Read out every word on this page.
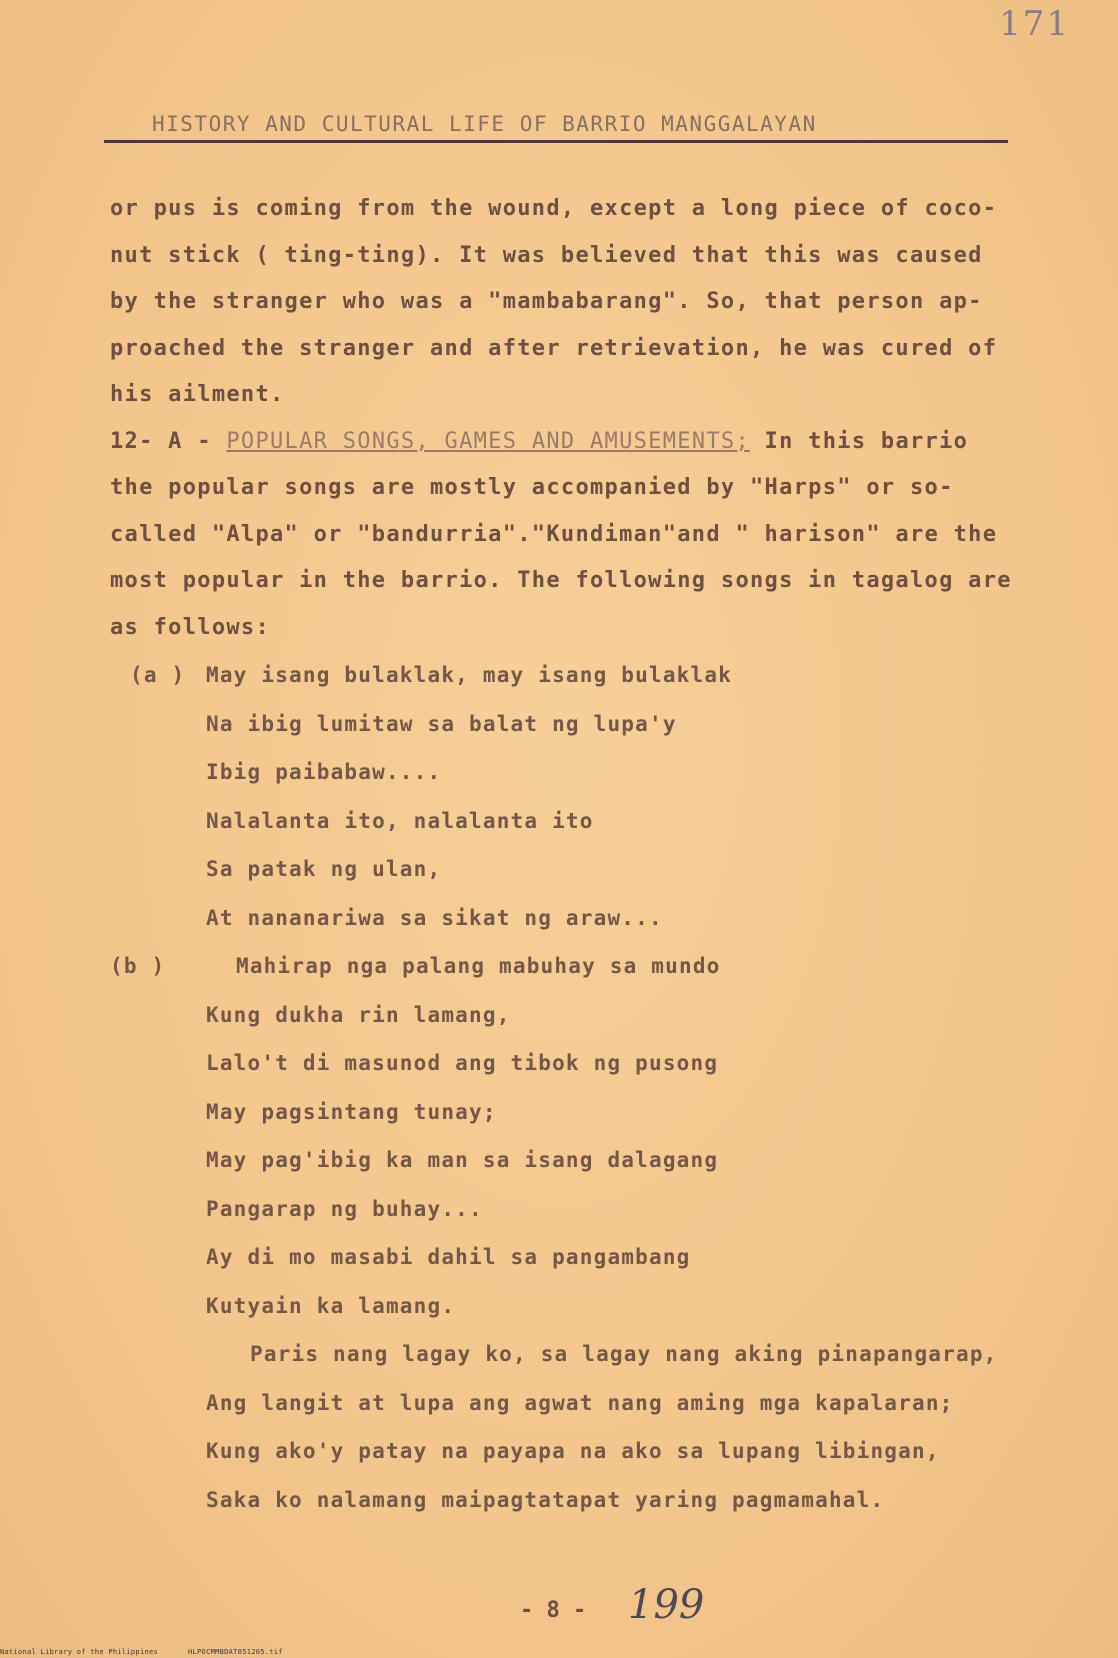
171
HISTORY AND CULTURAL LIFE OF BARRIO MANGGALAYAN
or pus is coming from the wound, except a long piece of coco-
nut stick ( ting-ting). It was believed that this was caused
by the stranger who was a "mambabarang". So, that person ap-
proached the stranger and after retrievation, he was cured of
his ailment.
12- A - POPULAR SONGS, GAMES AND AMUSEMENTS; In this barrio
the popular songs are mostly accompanied by "Harps" or so-
called "Alpa" or "bandurria"."Kundiman"and " harison" are the
most popular in the barrio. The following songs in tagalog are
as follows:
(a ) May isang bulaklak, may isang bulaklak
Na ibig lumitaw sa balat ng lupa'y
Ibig paibabaw....
Nalalanta ito, nalalanta ito
Sa patak ng ulan,
At nananariwa sa sikat ng araw...
(b )	Mahirap nga palang mabuhay sa mundo
Kung dukha rin lamang,
Lalo't di masunod ang tibok ng pusong
May pagsintang tunay;
May pag'ibig ka man sa isang dalagang
Pangarap ng buhay...
Ay di mo masabi dahil sa pangambang
Kutyain ka lamang.
Paris nang lagay ko, sa lagay nang aking pinapangarap,
Ang langit at lupa ang agwat nang aming mga kapalaran;
Kung ako'y patay na payapa na ako sa lupang libingan,
Saka ko nalamang maipagtatapat yaring pagmamahal.
- 8 - 199
National Library of the Philippines	HLPOCMMBDAT051205.tif
